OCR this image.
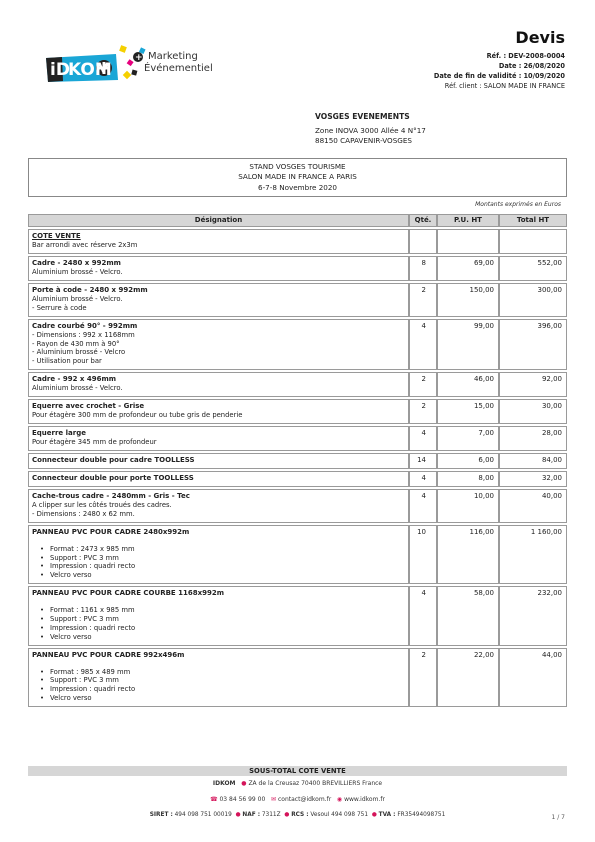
+
iD
KOM
Marketing
Événementiel
Devis
Réf. : DEV-2008-0004
Date : 26/08/2020
Date de fin de validité : 10/09/2020
Réf. client : SALON MADE IN FRANCE
VOSGES EVENEMENTS
Zone INOVA 3000 Allée 4 N°17
88150 CAPAVENIR-VOSGES
STAND VOSGES TOURISME
SALON MADE IN FRANCE A PARIS
6-7-8 Novembre 2020
Montants exprimés en Euros
Désignation	Qté.	P.U. HT	Total HT

COTE VENTE
Bar arrondi avec réserve 2x3m			

Cadre - 2480 x 992mm
Aluminium brossé - Velcro.	8	69,00	552,00

Porte à code - 2480 x 992mm
Aluminium brossé - Velcro.
- Serrure à code	2	150,00	300,00

Cadre courbé 90° - 992mm
- Dimensions : 992 x 1168mm
- Rayon de 430 mm à 90°
- Aluminium brossé - Velcro
- Utilisation pour bar	4	99,00	396,00

Cadre - 992 x 496mm
Aluminium brossé - Velcro.	2	46,00	92,00

Equerre avec crochet - Grise
Pour étagère 300 mm de profondeur ou tube gris de penderie	2	15,00	30,00

Equerre large
Pour étagère 345 mm de profondeur	4	7,00	28,00

Connecteur double pour cadre TOOLLESS	14	6,00	84,00

Connecteur double pour porte TOOLLESS	4	8,00	32,00

Cache-trous cadre - 2480mm - Gris - Tec
A clipper sur les côtés troués des cadres.
- Dimensions : 2480 x 62 mm.	4	10,00	40,00

PANNEAU PVC POUR CADRE 2480x992m
• Format : 2473 x 985 mm
• Support : PVC 3 mm
• Impression : quadri recto
• Velcro verso	10	116,00	1 160,00

PANNEAU PVC POUR CADRE COURBE 1168x992m
• Format : 1161 x 985 mm
• Support : PVC 3 mm
• Impression : quadri recto
• Velcro verso	4	58,00	232,00

PANNEAU PVC POUR CADRE 992x496m
• Format : 985 x 489 mm
• Support : PVC 3 mm
• Impression : quadri recto
• Velcro verso	2	22,00	44,00
SOUS-TOTAL COTE VENTE
IDKOM ● ZA de la Creusaz 70400 BREVILLIERS France
☎ 03 84 56 99 00 ✉ contact@idkom.fr ◉ www.idkom.fr
SIRET : 494 098 751 00019 ● NAF : 7311Z ● RCS : Vesoul 494 098 751 ● TVA : FR35494098751	1 / 7
